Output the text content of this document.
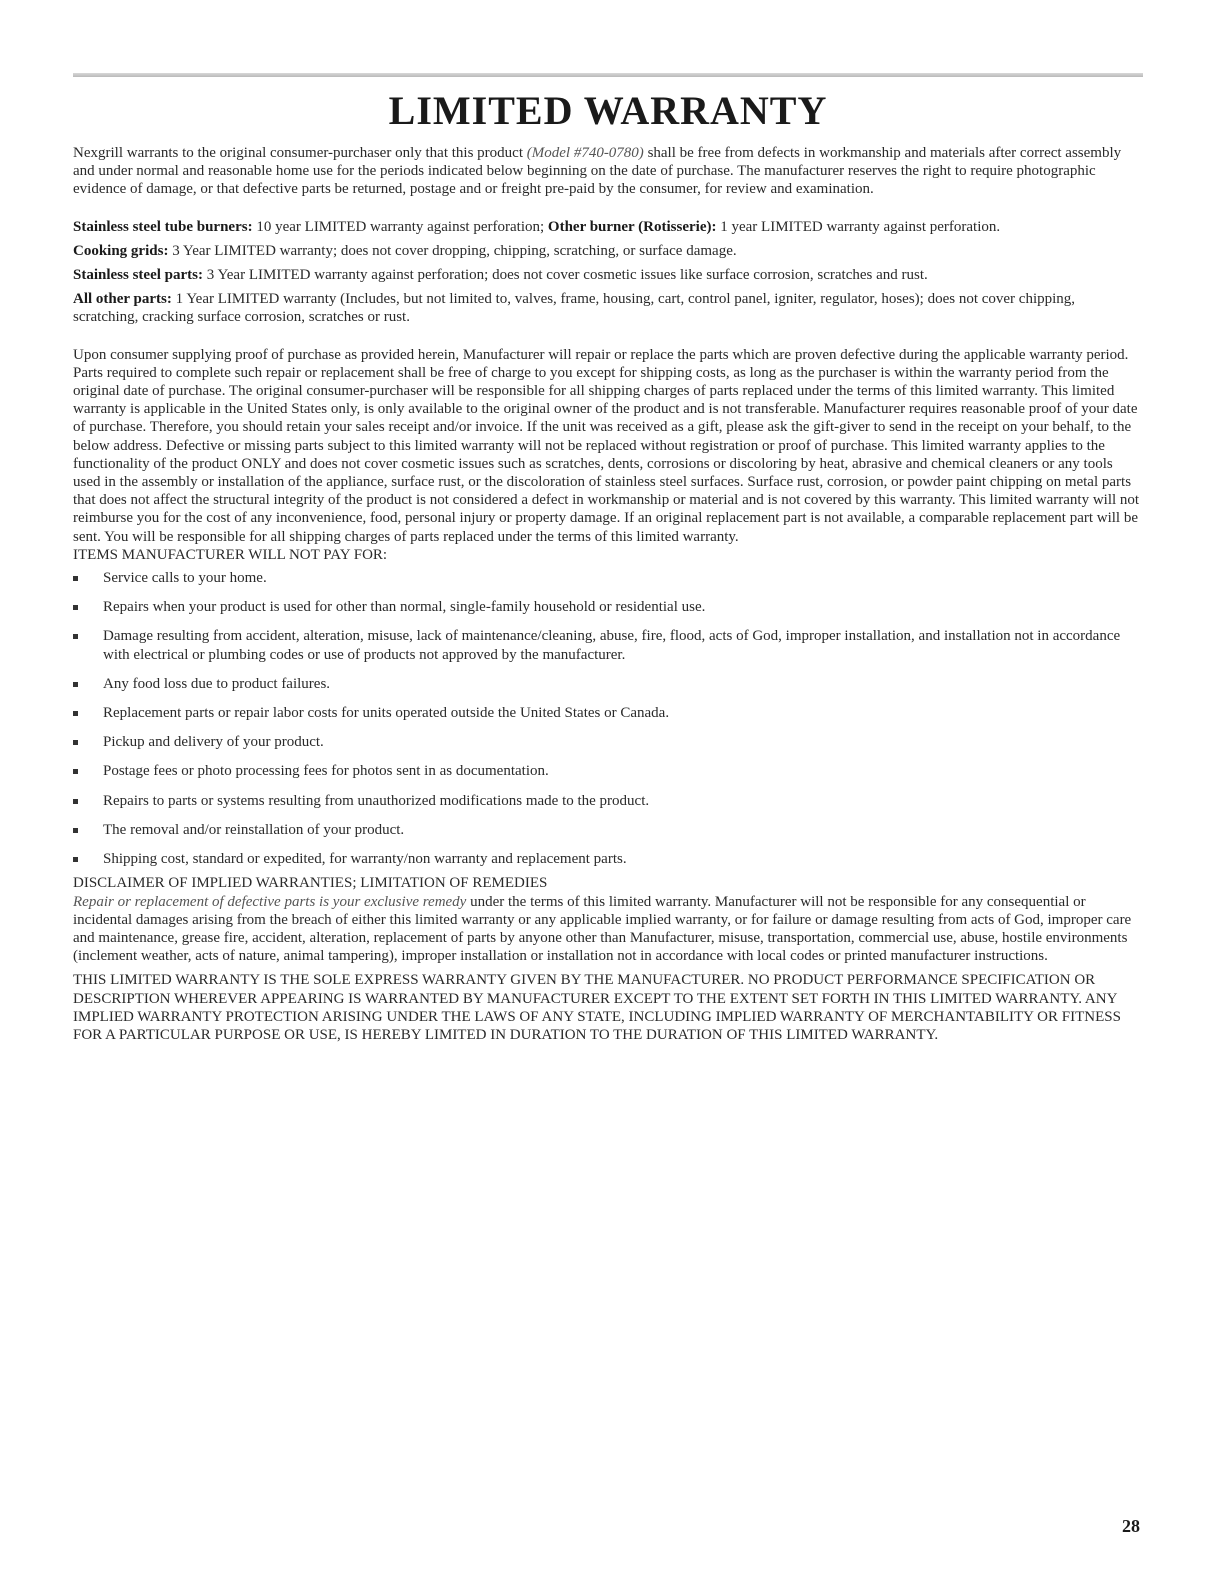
LIMITED WARRANTY

Nexgrill warrants to the original consumer-purchaser only that this product (Model #740-0780) shall be free from defects in workmanship and materials after correct assembly and under normal and reasonable home use for the periods indicated below beginning on the date of purchase. The manufacturer reserves the right to require photographic evidence of damage, or that defective parts be returned, postage and or freight pre-paid by the consumer, for review and examination.

Stainless steel tube burners: 10 year LIMITED warranty against perforation; Other burner (Rotisserie): 1 year LIMITED warranty against perforation.

Cooking grids: 3 Year LIMITED warranty; does not cover dropping, chipping, scratching, or surface damage.

Stainless steel parts: 3 Year LIMITED warranty against perforation; does not cover cosmetic issues like surface corrosion, scratches and rust.

All other parts: 1 Year LIMITED warranty (Includes, but not limited to, valves, frame, housing, cart, control panel, igniter, regulator, hoses); does not cover chipping, scratching, cracking surface corrosion, scratches or rust.

Upon consumer supplying proof of purchase as provided herein, Manufacturer will repair or replace the parts which are proven defective during the applicable warranty period. Parts required to complete such repair or replacement shall be free of charge to you except for shipping costs, as long as the purchaser is within the warranty period from the original date of purchase. The original consumer-purchaser will be responsible for all shipping charges of parts replaced under the terms of this limited warranty. This limited warranty is applicable in the United States only, is only available to the original owner of the product and is not transferable. Manufacturer requires reasonable proof of your date of purchase. Therefore, you should retain your sales receipt and/or invoice. If the unit was received as a gift, please ask the gift-giver to send in the receipt on your behalf, to the below address. Defective or missing parts subject to this limited warranty will not be replaced without registration or proof of purchase. This limited warranty applies to the functionality of the product ONLY and does not cover cosmetic issues such as scratches, dents, corrosions or discoloring by heat, abrasive and chemical cleaners or any tools used in the assembly or installation of the appliance, surface rust, or the discoloration of stainless steel surfaces. Surface rust, corrosion, or powder paint chipping on metal parts that does not affect the structural integrity of the product is not considered a defect in workmanship or material and is not covered by this warranty. This limited warranty will not reimburse you for the cost of any inconvenience, food, personal injury or property damage. If an original replacement part is not available, a comparable replacement part will be sent. You will be responsible for all shipping charges of parts replaced under the terms of this limited warranty.

ITEMS MANUFACTURER WILL NOT PAY FOR:

Service calls to your home.
Repairs when your product is used for other than normal, single-family household or residential use.
Damage resulting from accident, alteration, misuse, lack of maintenance/cleaning, abuse, fire, flood, acts of God, improper installation, and installation not in accordance with electrical or plumbing codes or use of products not approved by the manufacturer.
Any food loss due to product failures.
Replacement parts or repair labor costs for units operated outside the United States or Canada.
Pickup and delivery of your product.
Postage fees or photo processing fees for photos sent in as documentation.
Repairs to parts or systems resulting from unauthorized modifications made to the product.
The removal and/or reinstallation of your product.
Shipping cost, standard or expedited, for warranty/non warranty and replacement parts.

DISCLAIMER OF IMPLIED WARRANTIES; LIMITATION OF REMEDIES

Repair or replacement of defective parts is your exclusive remedy under the terms of this limited warranty. Manufacturer will not be responsible for any consequential or incidental damages arising from the breach of either this limited warranty or any applicable implied warranty, or for failure or damage resulting from acts of God, improper care and maintenance, grease fire, accident, alteration, replacement of parts by anyone other than Manufacturer, misuse, transportation, commercial use, abuse, hostile environments (inclement weather, acts of nature, animal tampering), improper installation or installation not in accordance with local codes or printed manufacturer instructions.

THIS LIMITED WARRANTY IS THE SOLE EXPRESS WARRANTY GIVEN BY THE MANUFACTURER. NO PRODUCT PERFORMANCE SPECIFICATION OR DESCRIPTION WHEREVER APPEARING IS WARRANTED BY MANUFACTURER EXCEPT TO THE EXTENT SET FORTH IN THIS LIMITED WARRANTY. ANY IMPLIED WARRANTY PROTECTION ARISING UNDER THE LAWS OF ANY STATE, INCLUDING IMPLIED WARRANTY OF MERCHANTABILITY OR FITNESS FOR A PARTICULAR PURPOSE OR USE, IS HEREBY LIMITED IN DURATION TO THE DURATION OF THIS LIMITED WARRANTY.

28
